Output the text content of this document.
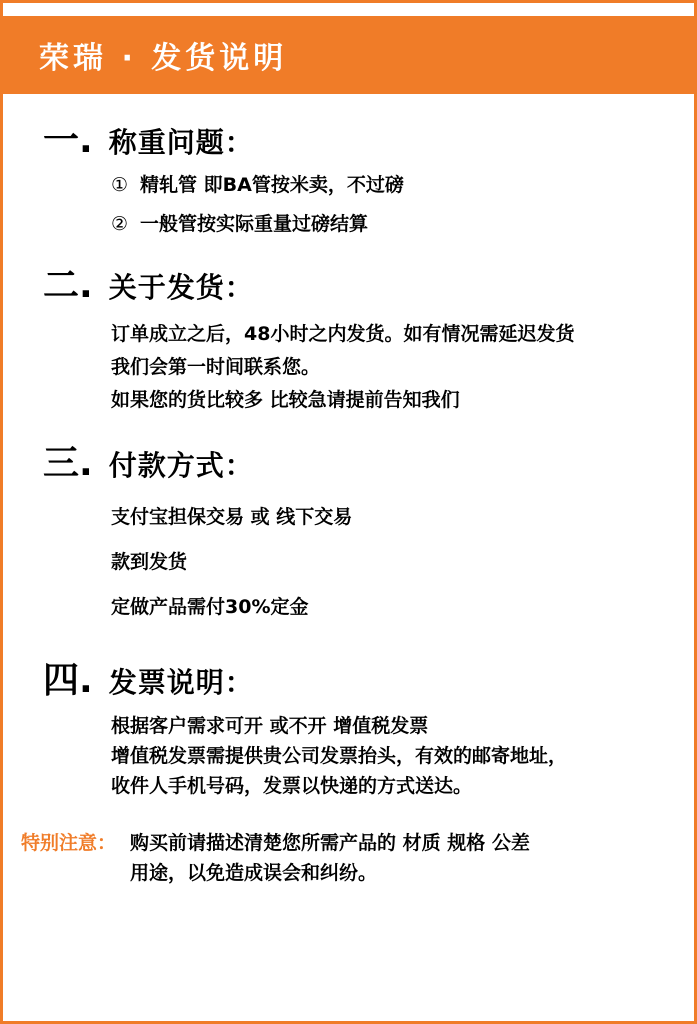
荣瑞 · 发货说明
一. 称重问题：
① 精轧管 即BA管按米卖，不过磅
② 一般管按实际重量过磅结算
二. 关于发货：
订单成立之后，48小时之内发货。如有情况需延迟发货
我们会第一时间联系您。
如果您的货比较多 比较急请提前告知我们
三. 付款方式：
支付宝担保交易 或 线下交易
款到发货
定做产品需付30%定金
四. 发票说明：
根据客户需求可开 或不开 增值税发票
增值税发票需提供贵公司发票抬头，有效的邮寄地址，
收件人手机号码，发票以快递的方式送达。
特别注意： 购买前请描述清楚您所需产品的 材质 规格 公差
用途，以免造成误会和纠纷。
